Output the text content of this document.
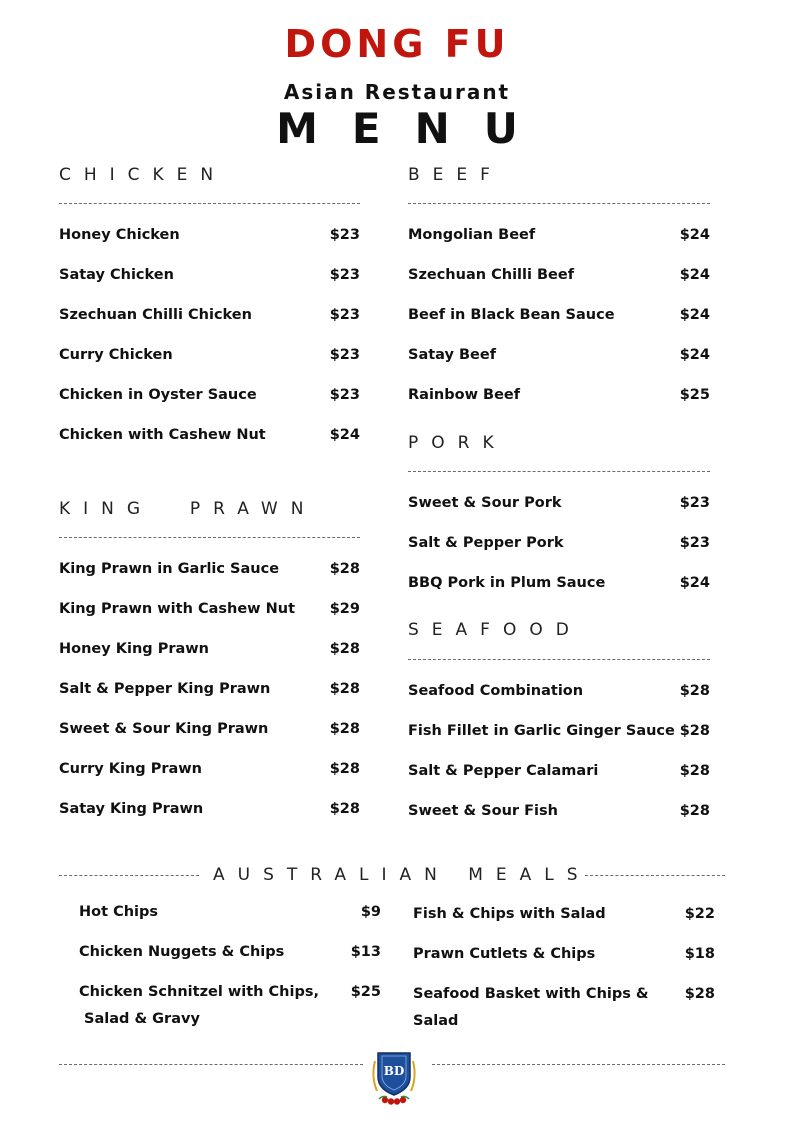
DONG FU
Asian Restaurant
MENU
CHICKEN
Honey Chicken	$23
Satay Chicken	$23
Szechuan Chilli Chicken	$23
Curry Chicken	$23
Chicken in Oyster Sauce	$23
Chicken with Cashew Nut	$24
KING  PRAWN
King Prawn in Garlic Sauce	$28
King Prawn with Cashew Nut	$29
Honey King Prawn	$28
Salt & Pepper King Prawn	$28
Sweet & Sour King Prawn	$28
Curry King Prawn	$28
Satay King Prawn	$28
BEEF
Mongolian Beef	$24
Szechuan Chilli Beef	$24
Beef in Black Bean Sauce	$24
Satay Beef	$24
Rainbow Beef	$25
PORK
Sweet & Sour Pork	$23
Salt & Pepper Pork	$23
BBQ Pork in Plum Sauce	$24
SEAFOOD
Seafood Combination	$28
Fish Fillet in Garlic Ginger Sauce $28
Salt & Pepper Calamari	$28
Sweet & Sour Fish	$28
AUSTRALIAN MEALS
Hot Chips	$9
Chicken Nuggets & Chips	$13
Chicken Schnitzel with Chips,
Salad & Gravy
$25
Fish & Chips with Salad	$22
Prawn Cutlets & Chips	$18
Seafood Basket with Chips &
Salad
$28
BD
